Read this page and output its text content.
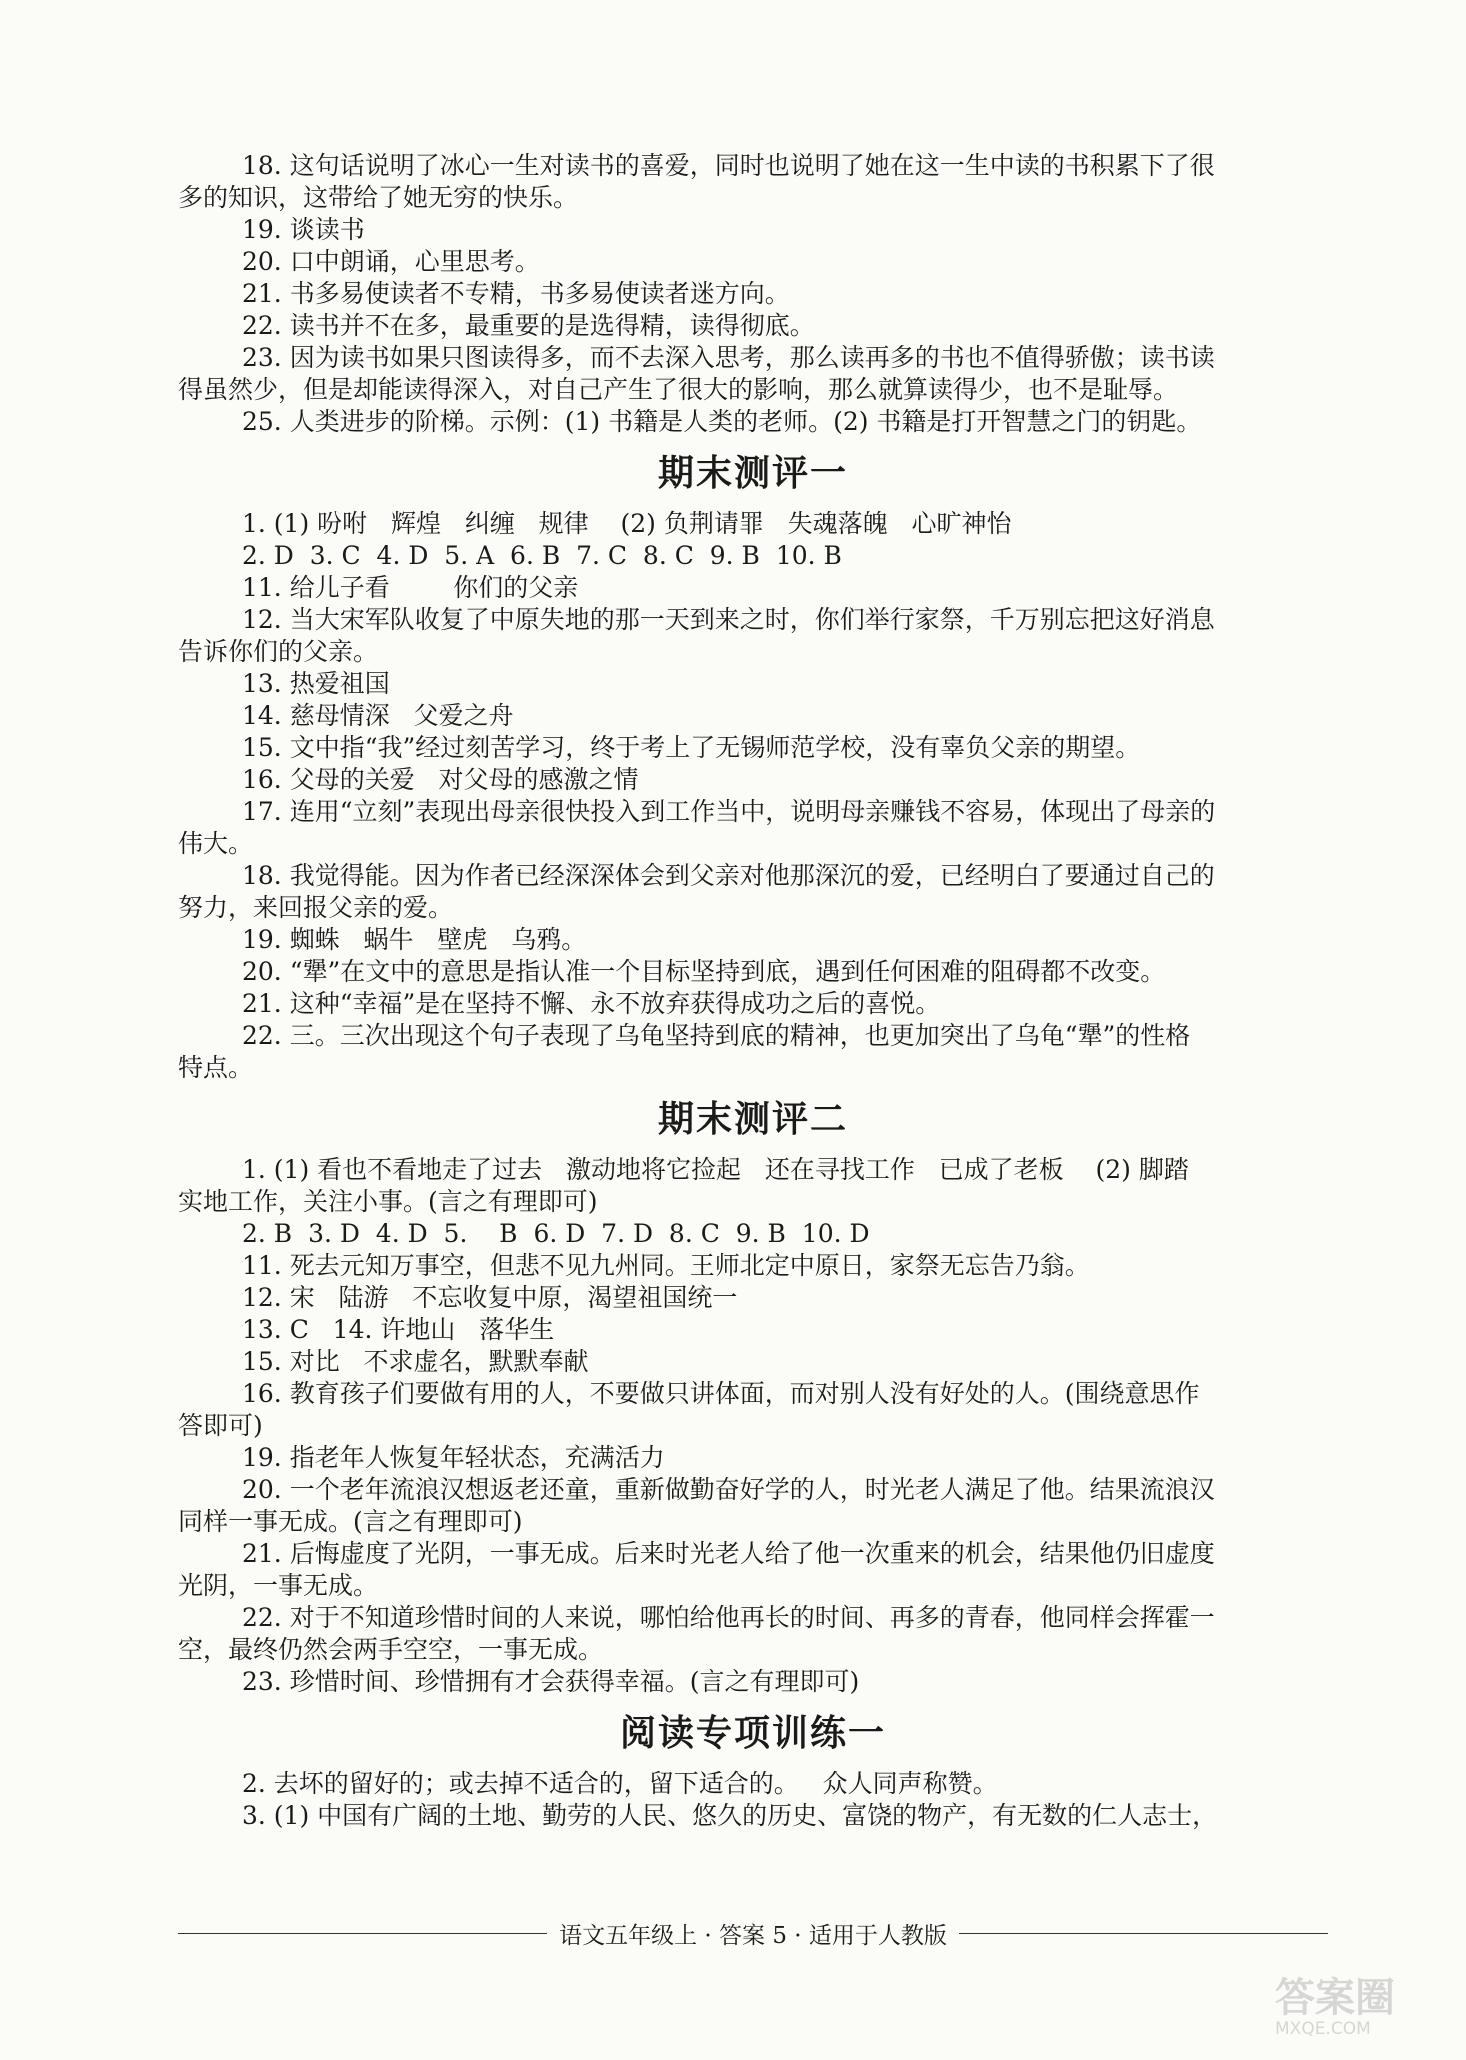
18. 这句话说明了冰心一生对读书的喜爱，同时也说明了她在这一生中读的书积累下了很
多的知识，这带给了她无穷的快乐。
19. 谈读书
20. 口中朗诵，心里思考。
21. 书多易使读者不专精，书多易使读者迷方向。
22. 读书并不在多，最重要的是选得精，读得彻底。
23. 因为读书如果只图读得多，而不去深入思考，那么读再多的书也不值得骄傲；读书读
得虽然少，但是却能读得深入，对自己产生了很大的影响，那么就算读得少，也不是耻辱。
25. 人类进步的阶梯。示例：(1) 书籍是人类的老师。(2) 书籍是打开智慧之门的钥匙。
期末测评一
1. (1) 吩咐   辉煌   纠缠   规律    (2) 负荆请罪   失魂落魄   心旷神怡
2. D  3. C  4. D  5. A  6. B  7. C  8. C  9. B  10. B
11. 给儿子看        你们的父亲
12. 当大宋军队收复了中原失地的那一天到来之时，你们举行家祭，千万别忘把这好消息
告诉你们的父亲。
13. 热爱祖国
14. 慈母情深   父爱之舟
15. 文中指“我”经过刻苦学习，终于考上了无锡师范学校，没有辜负父亲的期望。
16. 父母的关爱   对父母的感激之情
17. 连用“立刻”表现出母亲很快投入到工作当中，说明母亲赚钱不容易，体现出了母亲的
伟大。
18. 我觉得能。因为作者已经深深体会到父亲对他那深沉的爱，已经明白了要通过自己的
努力，来回报父亲的爱。
19. 蜘蛛   蜗牛   壁虎   乌鸦。
20. “犟”在文中的意思是指认准一个目标坚持到底，遇到任何困难的阻碍都不改变。
21. 这种“幸福”是在坚持不懈、永不放弃获得成功之后的喜悦。
22. 三。三次出现这个句子表现了乌龟坚持到底的精神，也更加突出了乌龟“犟”的性格
特点。
期末测评二
1. (1) 看也不看地走了过去   激动地将它捡起   还在寻找工作   已成了老板    (2) 脚踏
实地工作，关注小事。(言之有理即可)
2. B  3. D  4. D  5.    B  6. D  7. D  8. C  9. B  10. D
11. 死去元知万事空，但悲不见九州同。王师北定中原日，家祭无忘告乃翁。
12. 宋   陆游   不忘收复中原，渴望祖国统一
13. C   14. 许地山   落华生
15. 对比   不求虚名，默默奉献
16. 教育孩子们要做有用的人，不要做只讲体面，而对别人没有好处的人。(围绕意思作
答即可)
19. 指老年人恢复年轻状态，充满活力
20. 一个老年流浪汉想返老还童，重新做勤奋好学的人，时光老人满足了他。结果流浪汉
同样一事无成。(言之有理即可)
21. 后悔虚度了光阴，一事无成。后来时光老人给了他一次重来的机会，结果他仍旧虚度
光阴，一事无成。
22. 对于不知道珍惜时间的人来说，哪怕给他再长的时间、再多的青春，他同样会挥霍一
空，最终仍然会两手空空，一事无成。
23. 珍惜时间、珍惜拥有才会获得幸福。(言之有理即可)
阅读专项训练一
2. 去坏的留好的；或去掉不适合的，留下适合的。   众人同声称赞。
3. (1) 中国有广阔的土地、勤劳的人民、悠久的历史、富饶的物产，有无数的仁人志士，
语文五年级上 · 答案 5 · 适用于人教版
答案圈
MXQE.COM
